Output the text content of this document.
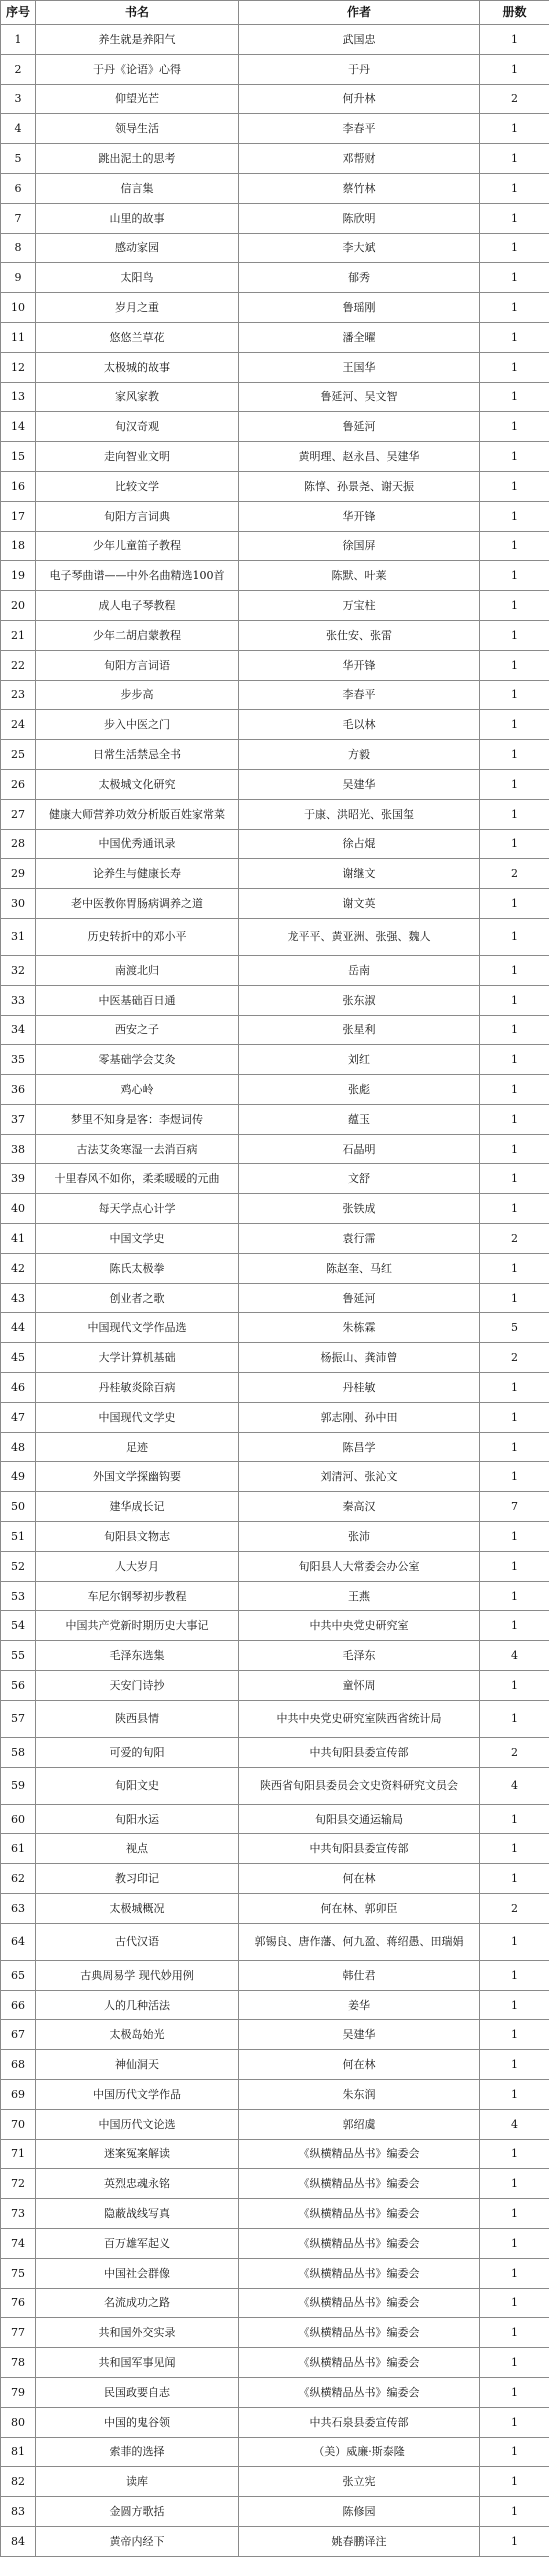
序号	书名	作者	册数
1	养生就是养阳气	武国忠	1
2	于丹《论语》心得	于丹	1
3	仰望光芒	何升林	2
4	领导生活	李春平	1
5	跳出泥土的思考	邓帮财	1
6	信言集	蔡竹林	1
7	山里的故事	陈欣明	1
8	感动家园	李大斌	1
9	太阳鸟	郁秀	1
10	岁月之重	鲁瑶刚	1
11	悠悠兰草花	潘全曜	1
12	太极城的故事	王国华	1
13	家风家教	鲁延河、吴文智	1
14	旬汉奇观	鲁延河	1
15	走向智业文明	黄明理、赵永昌、吴建华	1
16	比较文学	陈惇、孙景尧、谢天振	1
17	旬阳方言词典	华开锋	1
18	少年儿童笛子教程	徐国屏	1
19	电子琴曲谱——中外名曲精选100首	陈默、叶莱	1
20	成人电子琴教程	万宝柱	1
21	少年二胡启蒙教程	张仕安、张雷	1
22	旬阳方言词语	华开锋	1
23	步步高	李春平	1
24	步入中医之门	毛以林	1
25	日常生活禁忌全书	方毅	1
26	太极城文化研究	吴建华	1
27	健康大师营养功效分析版百姓家常菜	于康、洪昭光、张国玺	1
28	中国优秀通讯录	徐占焜	1
29	论养生与健康长寿	谢继文	2
30	老中医教你胃肠病调养之道	谢文英	1
31	历史转折中的邓小平	龙平平、黄亚洲、张强、魏人	1
32	南渡北归	岳南	1
33	中医基础百日通	张东淑	1
34	西安之子	张星利	1
35	零基础学会艾灸	刘红	1
36	鸡心岭	张彪	1
37	梦里不知身是客：李煜词传	蕴玉	1
38	古法艾灸寒湿一去消百病	石晶明	1
39	十里春风不如你，柔柔暖暖的元曲	文舒	1
40	每天学点心计学	张铁成	1
41	中国文学史	袁行霈	2
42	陈氏太极拳	陈赵奎、马红	1
43	创业者之歌	鲁延河	1
44	中国现代文学作品选	朱栋霖	5
45	大学计算机基础	杨振山、龚沛曾	2
46	丹桂敏炎除百病	丹桂敏	1
47	中国现代文学史	郭志刚、孙中田	1
48	足迹	陈昌学	1
49	外国文学探幽钩要	刘清河、张沁文	1
50	建华成长记	秦高汉	7
51	旬阳县文物志	张沛	1
52	人大岁月	旬阳县人大常委会办公室	1
53	车尼尔钢琴初步教程	王燕	1
54	中国共产党新时期历史大事记	中共中央党史研究室	1
55	毛泽东选集	毛泽东	4
56	天安门诗抄	童怀周	1
57	陕西县情	中共中央党史研究室陕西省统计局	1
58	可爱的旬阳	中共旬阳县委宣传部	2
59	旬阳文史	陕西省旬阳县委员会文史资料研究文员会	4
60	旬阳水运	旬阳县交通运输局	1
61	视点	中共旬阳县委宣传部	1
62	教习印记	何在林	1
63	太极城概况	何在林、郭卯臣	2
64	古代汉语	郭锡良、唐作藩、何九盈、蒋绍愚、田瑞娟	1
65	古典周易学 现代妙用例	韩仕君	1
66	人的几种活法	姜华	1
67	太极岛始光	吴建华	1
68	神仙洞天	何在林	1
69	中国历代文学作品	朱东润	1
70	中国历代文论选	郭绍虞	4
71	迷案冤案解读	《纵横精品丛书》编委会	1
72	英烈忠魂永铭	《纵横精品丛书》编委会	1
73	隐蔽战线写真	《纵横精品丛书》编委会	1
74	百万雄军起义	《纵横精品丛书》编委会	1
75	中国社会群像	《纵横精品丛书》编委会	1
76	名流成功之路	《纵横精品丛书》编委会	1
77	共和国外交实录	《纵横精品丛书》编委会	1
78	共和国军事见闻	《纵横精品丛书》编委会	1
79	民国政要自志	《纵横精品丛书》编委会	1
80	中国的鬼谷领	中共石泉县委宣传部	1
81	索菲的选择	（美）威廉·斯泰隆	1
82	读库	张立宪	1
83	金圆方歌括	陈修园	1
84	黄帝内经下	姚春鹏译注	1
